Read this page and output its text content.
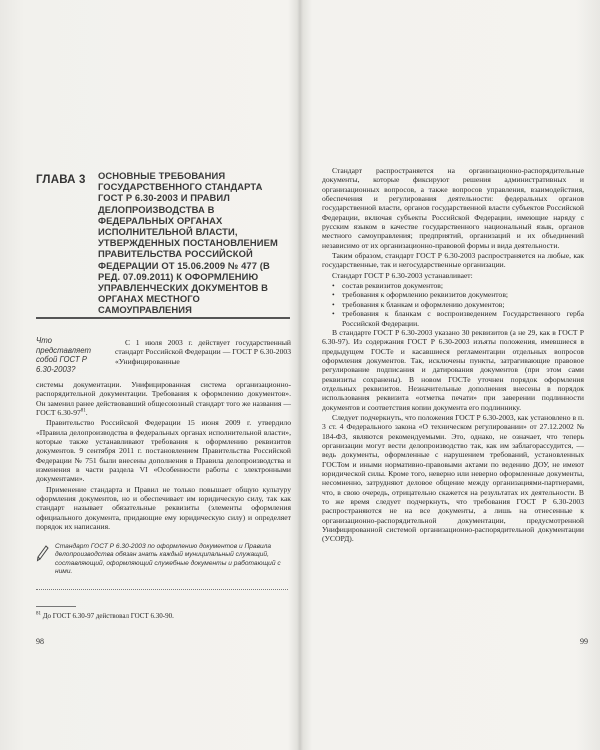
ГЛАВА 3 ОСНОВНЫЕ ТРЕБОВАНИЯ ГОСУДАРСТВЕННОГО СТАНДАРТА ГОСТ Р 6.30-2003 И ПРАВИЛ ДЕЛОПРОИЗВОДСТВА В ФЕДЕРАЛЬНЫХ ОРГАНАХ ИСПОЛНИТЕЛЬНОЙ ВЛАСТИ, УТВЕРЖДЕННЫХ ПОСТАНОВЛЕНИЕМ ПРАВИТЕЛЬСТВА РОССИЙСКОЙ ФЕДЕРАЦИИ ОТ 15.06.2009 № 477 (В РЕД. 07.09.2011) К ОФОРМЛЕНИЮ УПРАВЛЕНЧЕСКИХ ДОКУМЕНТОВ В ОРГАНАХ МЕСТНОГО САМОУПРАВЛЕНИЯ
Что представляет собой ГОСТ Р 6.30-2003?

С 1 июля 2003 г. действует государственный стандарт Российской Федерации — ГОСТ Р 6.30-2003 «Унифицированные

системы документации. Унифицированная система организационно-распорядительной документации. Требования к оформлению документов». Он заменил ранее действовавший общесоюзный стандарт того же названия — ГОСТ $6.30-97^{81}$.

Правительство Российской Федерации 15 июня 2009 г. утвердило «Правила делопроизводства в федеральных органах исполнительной власти», которые также устанавливают требования к оформлению реквизитов документов. 9 сентября 2011 г. постановлением Правительства Российской Федерации № 751 были внесены дополнения в Правила делопроизводства и изменения в части раздела VI «Особенности работы с электронными документами».

Применение стандарта и Правил не только повышает общую культуру оформления документов, но и обеспечивает им юридическую силу, так как стандарт называет обязательные реквизиты (элементы оформления официального документа, придающие ему юридическую силу) и определяет порядок их написания.

Стандарт ГОСТ Р 6.30-2003 по оформлению документов и Правила делопроизводства обязан знать каждый муниципальный служащий, составляющий, оформляющий служебные документы и работающий с ними.
$^{81}$ До ГОСТ 6.30-97 действовал ГОСТ 6.30-90.
98

Стандарт распространяется на организационно-распорядительные документы, которые фиксируют решения административных и организационных вопросов, а также вопросов управления, взаимодействия, обеспечения и регулирования деятельности: федеральных органов государственной власти, органов государственной власти субъектов Российской Федерации, включая субъекты Российской Федерации, имеющие наряду с русским языком в качестве государственного национальный язык, органов местного самоуправления; предприятий, организаций и их объединений независимо от их организационно-правовой формы и вида деятельности.

Таким образом, стандарт ГОСТ Р 6.30-2003 распространяется на любые, как государственные, так и негосударственные организации.

Стандарт ГОСТ Р 6.30-2003 устанавливает:

• состав реквизитов документов;
• требования к оформлению реквизитов документов;
• требования к бланкам и оформлению документов;
• требования к бланкам с воспроизведением Государственного герба Российской Федерации.

В стандарте ГОСТ Р 6.30-2003 указано 30 реквизитов (а не 29, как в ГОСТ Р 6.30-97). Из содержания ГОСТ Р 6.30-2003 изъяты положения, имевшиеся в предыдущем ГОСТе и касавшиеся регламентации отдельных вопросов оформления документов. Так, исключены пункты, затрагивающие правовое регулирование подписания и датирования документов (при этом сами реквизиты сохранены). В новом ГОСТе уточнен порядок оформления отдельных реквизитов. Незначительные дополнения внесены в порядок использования реквизита «отметка печати» при заверении подлинности документов и соответствия копии документа его подлиннику.

Следует подчеркнуть, что положения ГОСТ Р 6.30-2003, как установлено в п. 3 ст. 4 Федерального закона «О техническом регулировании» от 27.12.2002 № 184-ФЗ, являются рекомендуемыми. Это, однако, не означает, что теперь организации могут вести делопроизводство так, как им заблагорассудится, — ведь документы, оформленные с нарушением требований, установленных ГОСТом и иными нормативно-правовыми актами по ведению ДОУ, не имеют юридической силы. Кроме того, неверно или неверно оформленные документы, несомненно, затрудняют деловое общение между организациями-партнерами, что, в свою очередь, отрицательно скажется на результатах их деятельности. В то же время следует подчеркнуть, что требования ГОСТ Р 6.30-2003 распространяются не на все документы, а лишь на отнесенные к организационно-распорядительной документации, предусмотренной Унифицированной системой организационно-распорядительной документации (УСОРД).

99
